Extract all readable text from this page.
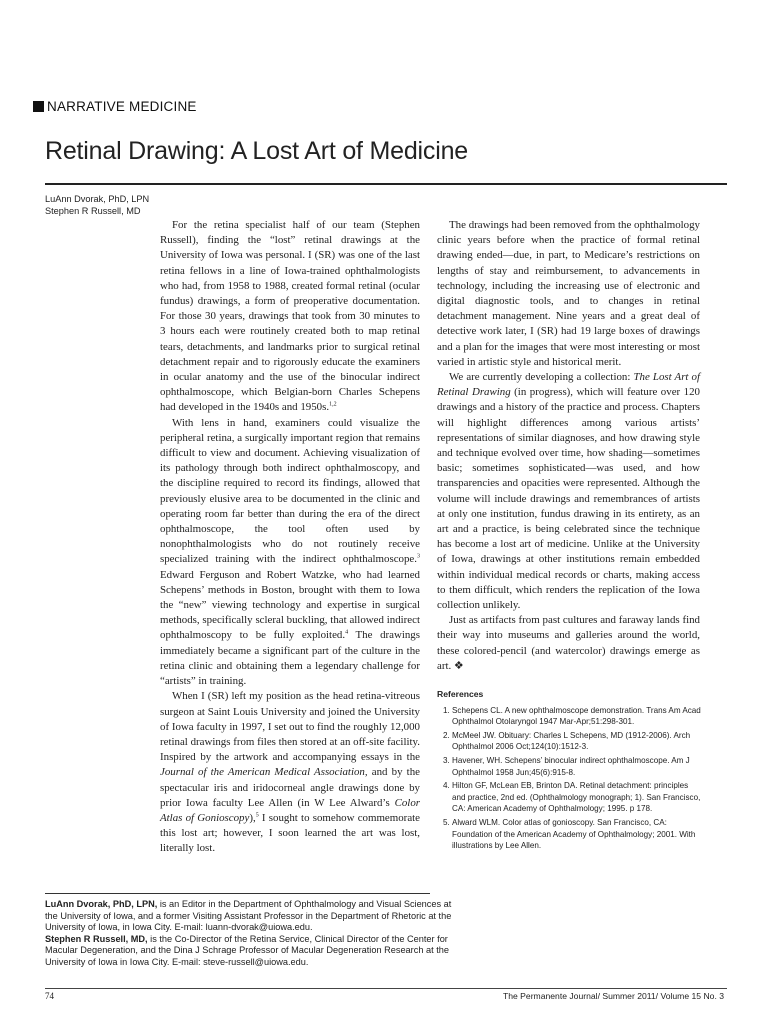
NARRATIVE MEDICINE
Retinal Drawing: A Lost Art of Medicine
LuAnn Dvorak, PhD, LPN
Stephen R Russell, MD

For the retina specialist half of our team (Stephen Russell), finding the “lost” retinal drawings at the University of Iowa was personal. I (SR) was one of the last retina fellows in a line of Iowa-trained ophthalmologists who had, from 1958 to 1988, created formal retinal (ocular fundus) drawings, a form of preoperative documentation. For those 30 years, drawings that took from 30 minutes to 3 hours each were routinely created both to map retinal tears, detachments, and landmarks prior to surgical retinal detachment repair and to rigorously educate the examiners in ocular anatomy and the use of the binocular indirect ophthalmoscope, which Belgian-born Charles Schepens had developed in the 1940s and 1950s.$^{1,2}$

With lens in hand, examiners could visualize the peripheral retina, a surgically important region that remains difficult to view and document. Achieving visualization of its pathology through both indirect ophthalmoscopy, and the discipline required to record its findings, allowed that previously elusive area to be documented in the clinic and operating room far better than during the era of the direct ophthalmoscope, the tool often used by nonophthalmologists who do not routinely receive specialized training with the indirect ophthalmoscope.$^3$ Edward Ferguson and Robert Watzke, who had learned Schepens’ methods in Boston, brought with them to Iowa the “new” viewing technology and expertise in surgical methods, specifically scleral buckling, that allowed indirect ophthalmoscopy to be fully exploited.$^4$ The drawings immediately became a significant part of the culture in the retina clinic and obtaining them a legendary challenge for “artists” in training.

When I (SR) left my position as the head retina-vitreous surgeon at Saint Louis University and joined the University of Iowa faculty in 1997, I set out to find the roughly 12,000 retinal drawings from files then stored at an off-site facility. Inspired by the artwork and accompanying essays in the Journal of the American Medical Association, and by the spectacular iris and iridocorneal angle drawings done by prior Iowa faculty Lee Allen (in W Lee Alward’s Color Atlas of Gonioscopy),$^5$ I sought to somehow commemorate this lost art; however, I soon learned the art was lost, literally lost.

The drawings had been removed from the ophthalmology clinic years before when the practice of formal retinal drawing ended—due, in part, to Medicare’s restrictions on lengths of stay and reimbursement, to advancements in technology, including the increasing use of electronic and digital diagnostic tools, and to changes in retinal detachment management. Nine years and a great deal of detective work later, I (SR) had 19 large boxes of drawings and a plan for the images that were most interesting or most varied in artistic style and historical merit.

We are currently developing a collection: The Lost Art of Retinal Drawing (in progress), which will feature over 120 drawings and a history of the practice and process. Chapters will highlight differences among various artists’ representations of similar diagnoses, and how drawing style and technique evolved over time, how shading—sometimes basic; sometimes sophisticated—was used, and how transparencies and opacities were represented. Although the volume will include drawings and remembrances of artists at only one institution, fundus drawing in its entirety, as an art and a practice, is being celebrated since the technique has become a lost art of medicine. Unlike at the University of Iowa, drawings at other institutions remain embedded within individual medical records or charts, making access to them difficult, which renders the replication of the Iowa collection unlikely.

Just as artifacts from past cultures and faraway lands find their way into museums and galleries around the world, these colored-pencil (and watercolor) drawings emerge as art. ❖

References
1. Schepens CL. A new ophthalmoscope demonstration. Trans Am Acad Ophthalmol Otolaryngol 1947 Mar-Apr;51:298-301.
2. McMeel JW. Obituary: Charles L Schepens, MD (1912-2006). Arch Ophthalmol 2006 Oct;124(10):1512-3.
3. Havener, WH. Schepens’ binocular indirect ophthalmoscope. Am J Ophthalmol 1958 Jun;45(6):915-8.
4. Hilton GF, McLean EB, Brinton DA. Retinal detachment: principles and practice, 2nd ed. (Ophthalmology monograph; 1). San Francisco, CA: American Academy of Ophthalmology; 1995. p 178.
5. Alward WLM. Color atlas of gonioscopy. San Francisco, CA: Foundation of the American Academy of Ophthalmology; 2001. With illustrations by Lee Allen.

LuAnn Dvorak, PhD, LPN, is an Editor in the Department of Ophthalmology and Visual Sciences at the University of Iowa, and a former Visiting Assistant Professor in the Department of Rhetoric at the University of Iowa, in Iowa City. E-mail: luann-dvorak@uiowa.edu.

Stephen R Russell, MD, is the Co-Director of the Retina Service, Clinical Director of the Center for Macular Degeneration, and the Dina J Schrage Professor of Macular Degeneration Research at the University of Iowa in Iowa City. E-mail: steve-russell@uiowa.edu.

74	The Permanente Journal/ Summer 2011/ Volume 15 No. 3
